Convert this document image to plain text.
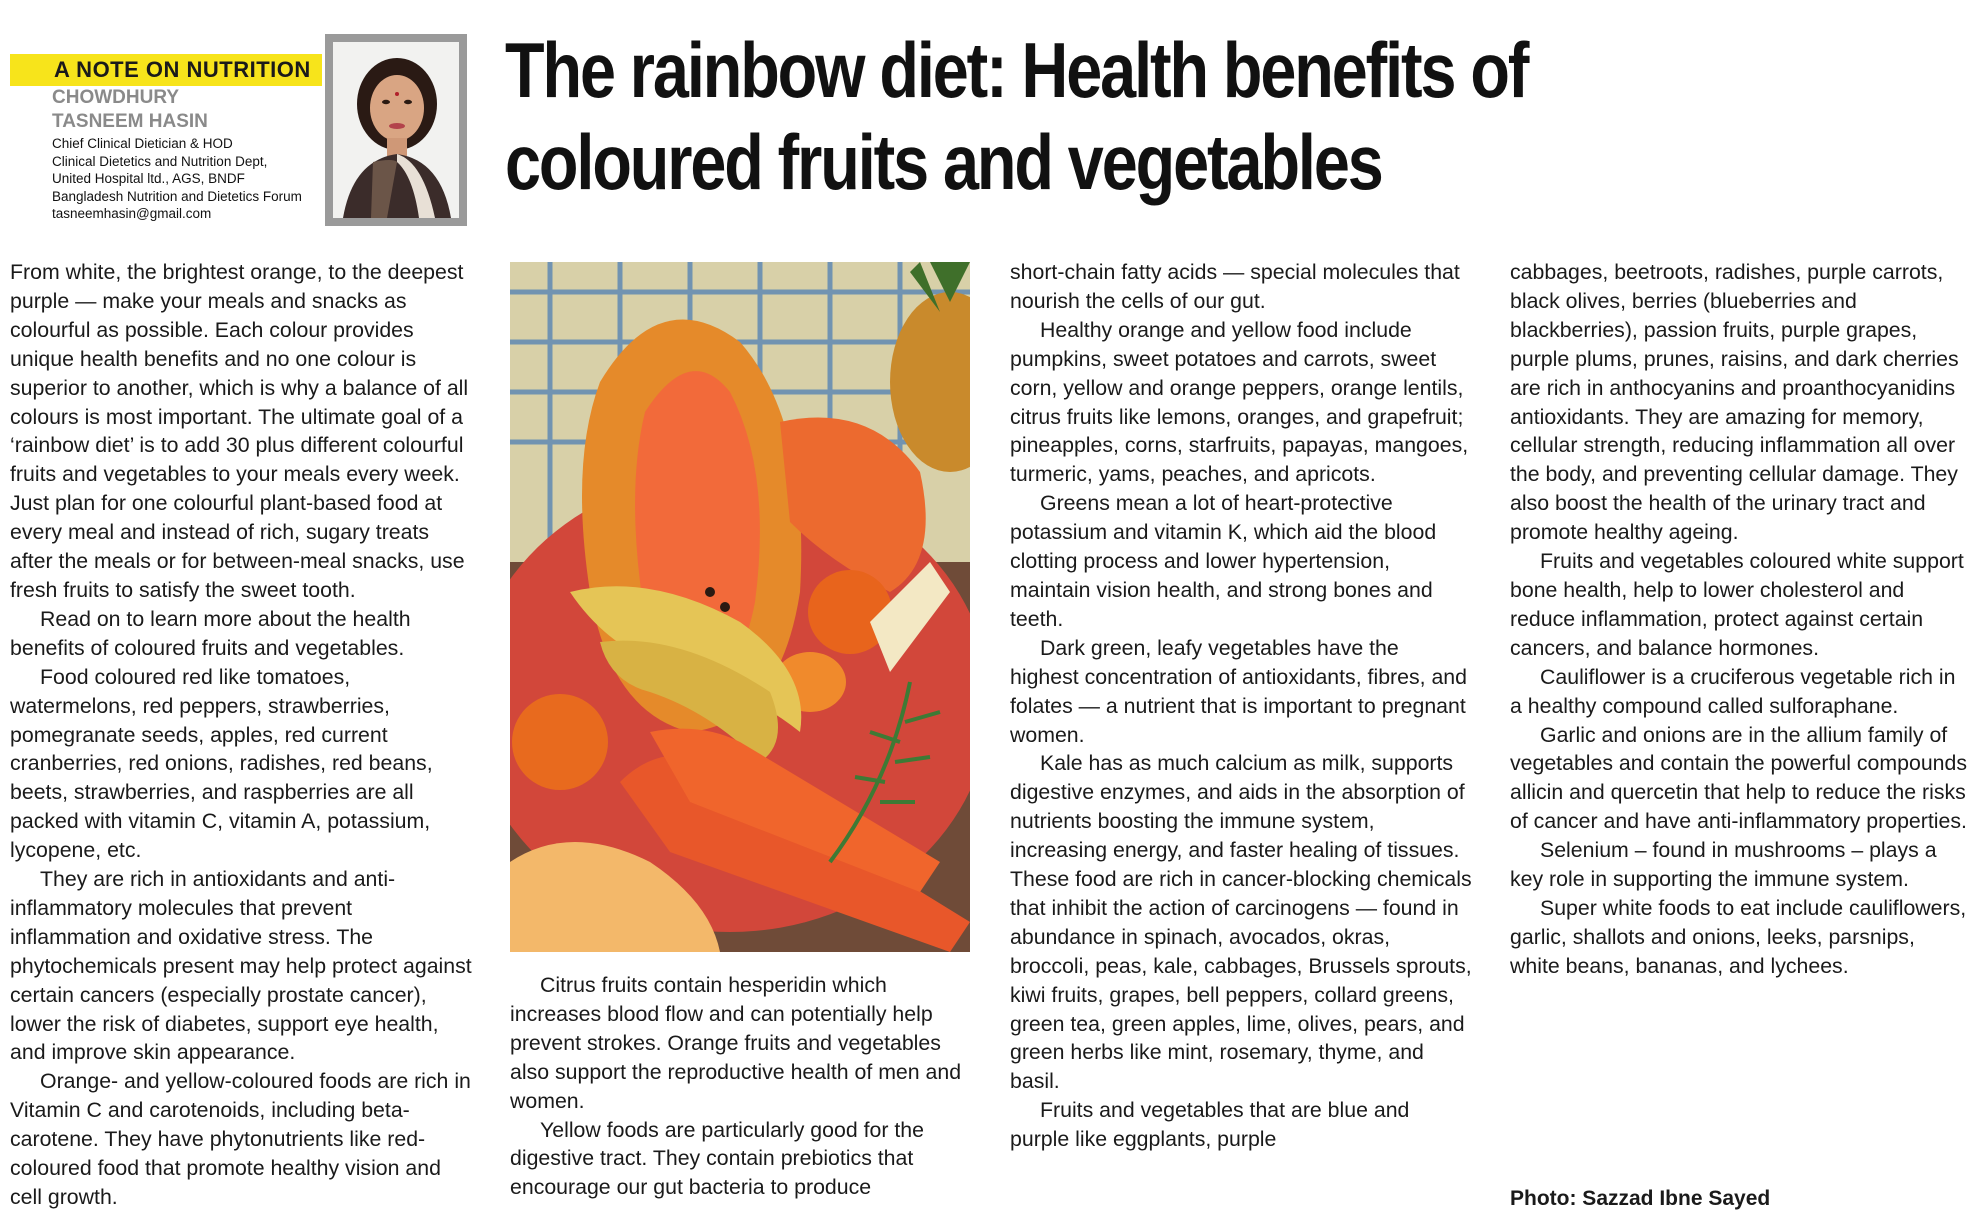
A NOTE ON NUTRITION
CHOWDHURY
TASNEEM HASIN
Chief Clinical Dietician & HOD
Clinical Dietetics and Nutrition Dept,
United Hospital ltd., AGS, BNDF
Bangladesh Nutrition and Dietetics Forum
tasneemhasin@gmail.com
The rainbow diet: Health benefits of
coloured fruits and vegetables

From white, the brightest orange, to the deepest purple — make your meals and snacks as colourful as possible. Each colour provides unique health benefits and no one colour is superior to another, which is why a balance of all colours is most important. The ultimate goal of a ‘rainbow diet’ is to add 30 plus different colourful fruits and vegetables to your meals every week. Just plan for one colourful plant-based food at every meal and instead of rich, sugary treats after the meals or for between-meal snacks, use fresh fruits to satisfy the sweet tooth.

Read on to learn more about the health benefits of coloured fruits and vegetables.

Food coloured red like tomatoes, watermelons, red peppers, strawberries, pomegranate seeds, apples, red current cranberries, red onions, radishes, red beans, beets, strawberries, and raspberries are all packed with vitamin C, vitamin A, potassium, lycopene, etc.

They are rich in antioxidants and anti-inflammatory molecules that prevent inflammation and oxidative stress. The phytochemicals present may help protect against certain cancers (especially prostate cancer), lower the risk of diabetes, support eye health, and improve skin appearance.

Orange- and yellow-coloured foods are rich in Vitamin C and carotenoids, including beta-carotene. They have phytonutrients like red-coloured food that promote healthy vision and cell growth.

Citrus fruits contain hesperidin which increases blood flow and can potentially help prevent strokes. Orange fruits and vegetables also support the reproductive health of men and women.

Yellow foods are particularly good for the digestive tract. They contain prebiotics that encourage our gut bacteria to produce

short-chain fatty acids — special molecules that nourish the cells of our gut.

Healthy orange and yellow food include pumpkins, sweet potatoes and carrots, sweet corn, yellow and orange peppers, orange lentils, citrus fruits like lemons, oranges, and grapefruit; pineapples, corns, starfruits, papayas, mangoes, turmeric, yams, peaches, and apricots.

Greens mean a lot of heart-protective potassium and vitamin K, which aid the blood clotting process and lower hypertension, maintain vision health, and strong bones and teeth.

Dark green, leafy vegetables have the highest concentration of antioxidants, fibres, and folates — a nutrient that is important to pregnant women.

Kale has as much calcium as milk, supports digestive enzymes, and aids in the absorption of nutrients boosting the immune system, increasing energy, and faster healing of tissues. These food are rich in cancer-blocking chemicals that inhibit the action of carcinogens — found in abundance in spinach, avocados, okras, broccoli, peas, kale, cabbages, Brussels sprouts, kiwi fruits, grapes, bell peppers, collard greens, green tea, green apples, lime, olives, pears, and green herbs like mint, rosemary, thyme, and basil.

Fruits and vegetables that are blue and purple like eggplants, purple

cabbages, beetroots, radishes, purple carrots, black olives, berries (blueberries and blackberries), passion fruits, purple grapes, purple plums, prunes, raisins, and dark cherries are rich in anthocyanins and proanthocyanidins antioxidants. They are amazing for memory, cellular strength, reducing inflammation all over the body, and preventing cellular damage. They also boost the health of the urinary tract and promote healthy ageing.

Fruits and vegetables coloured white support bone health, help to lower cholesterol and reduce inflammation, protect against certain cancers, and balance hormones.

Cauliflower is a cruciferous vegetable rich in a healthy compound called sulforaphane.

Garlic and onions are in the allium family of vegetables and contain the powerful compounds allicin and quercetin that help to reduce the risks of cancer and have anti-inflammatory properties.

Selenium – found in mushrooms – plays a key role in supporting the immune system.

Super white foods to eat include cauliflowers, garlic, shallots and onions, leeks, parsnips, white beans, bananas, and lychees.

Photo: Sazzad Ibne Sayed
